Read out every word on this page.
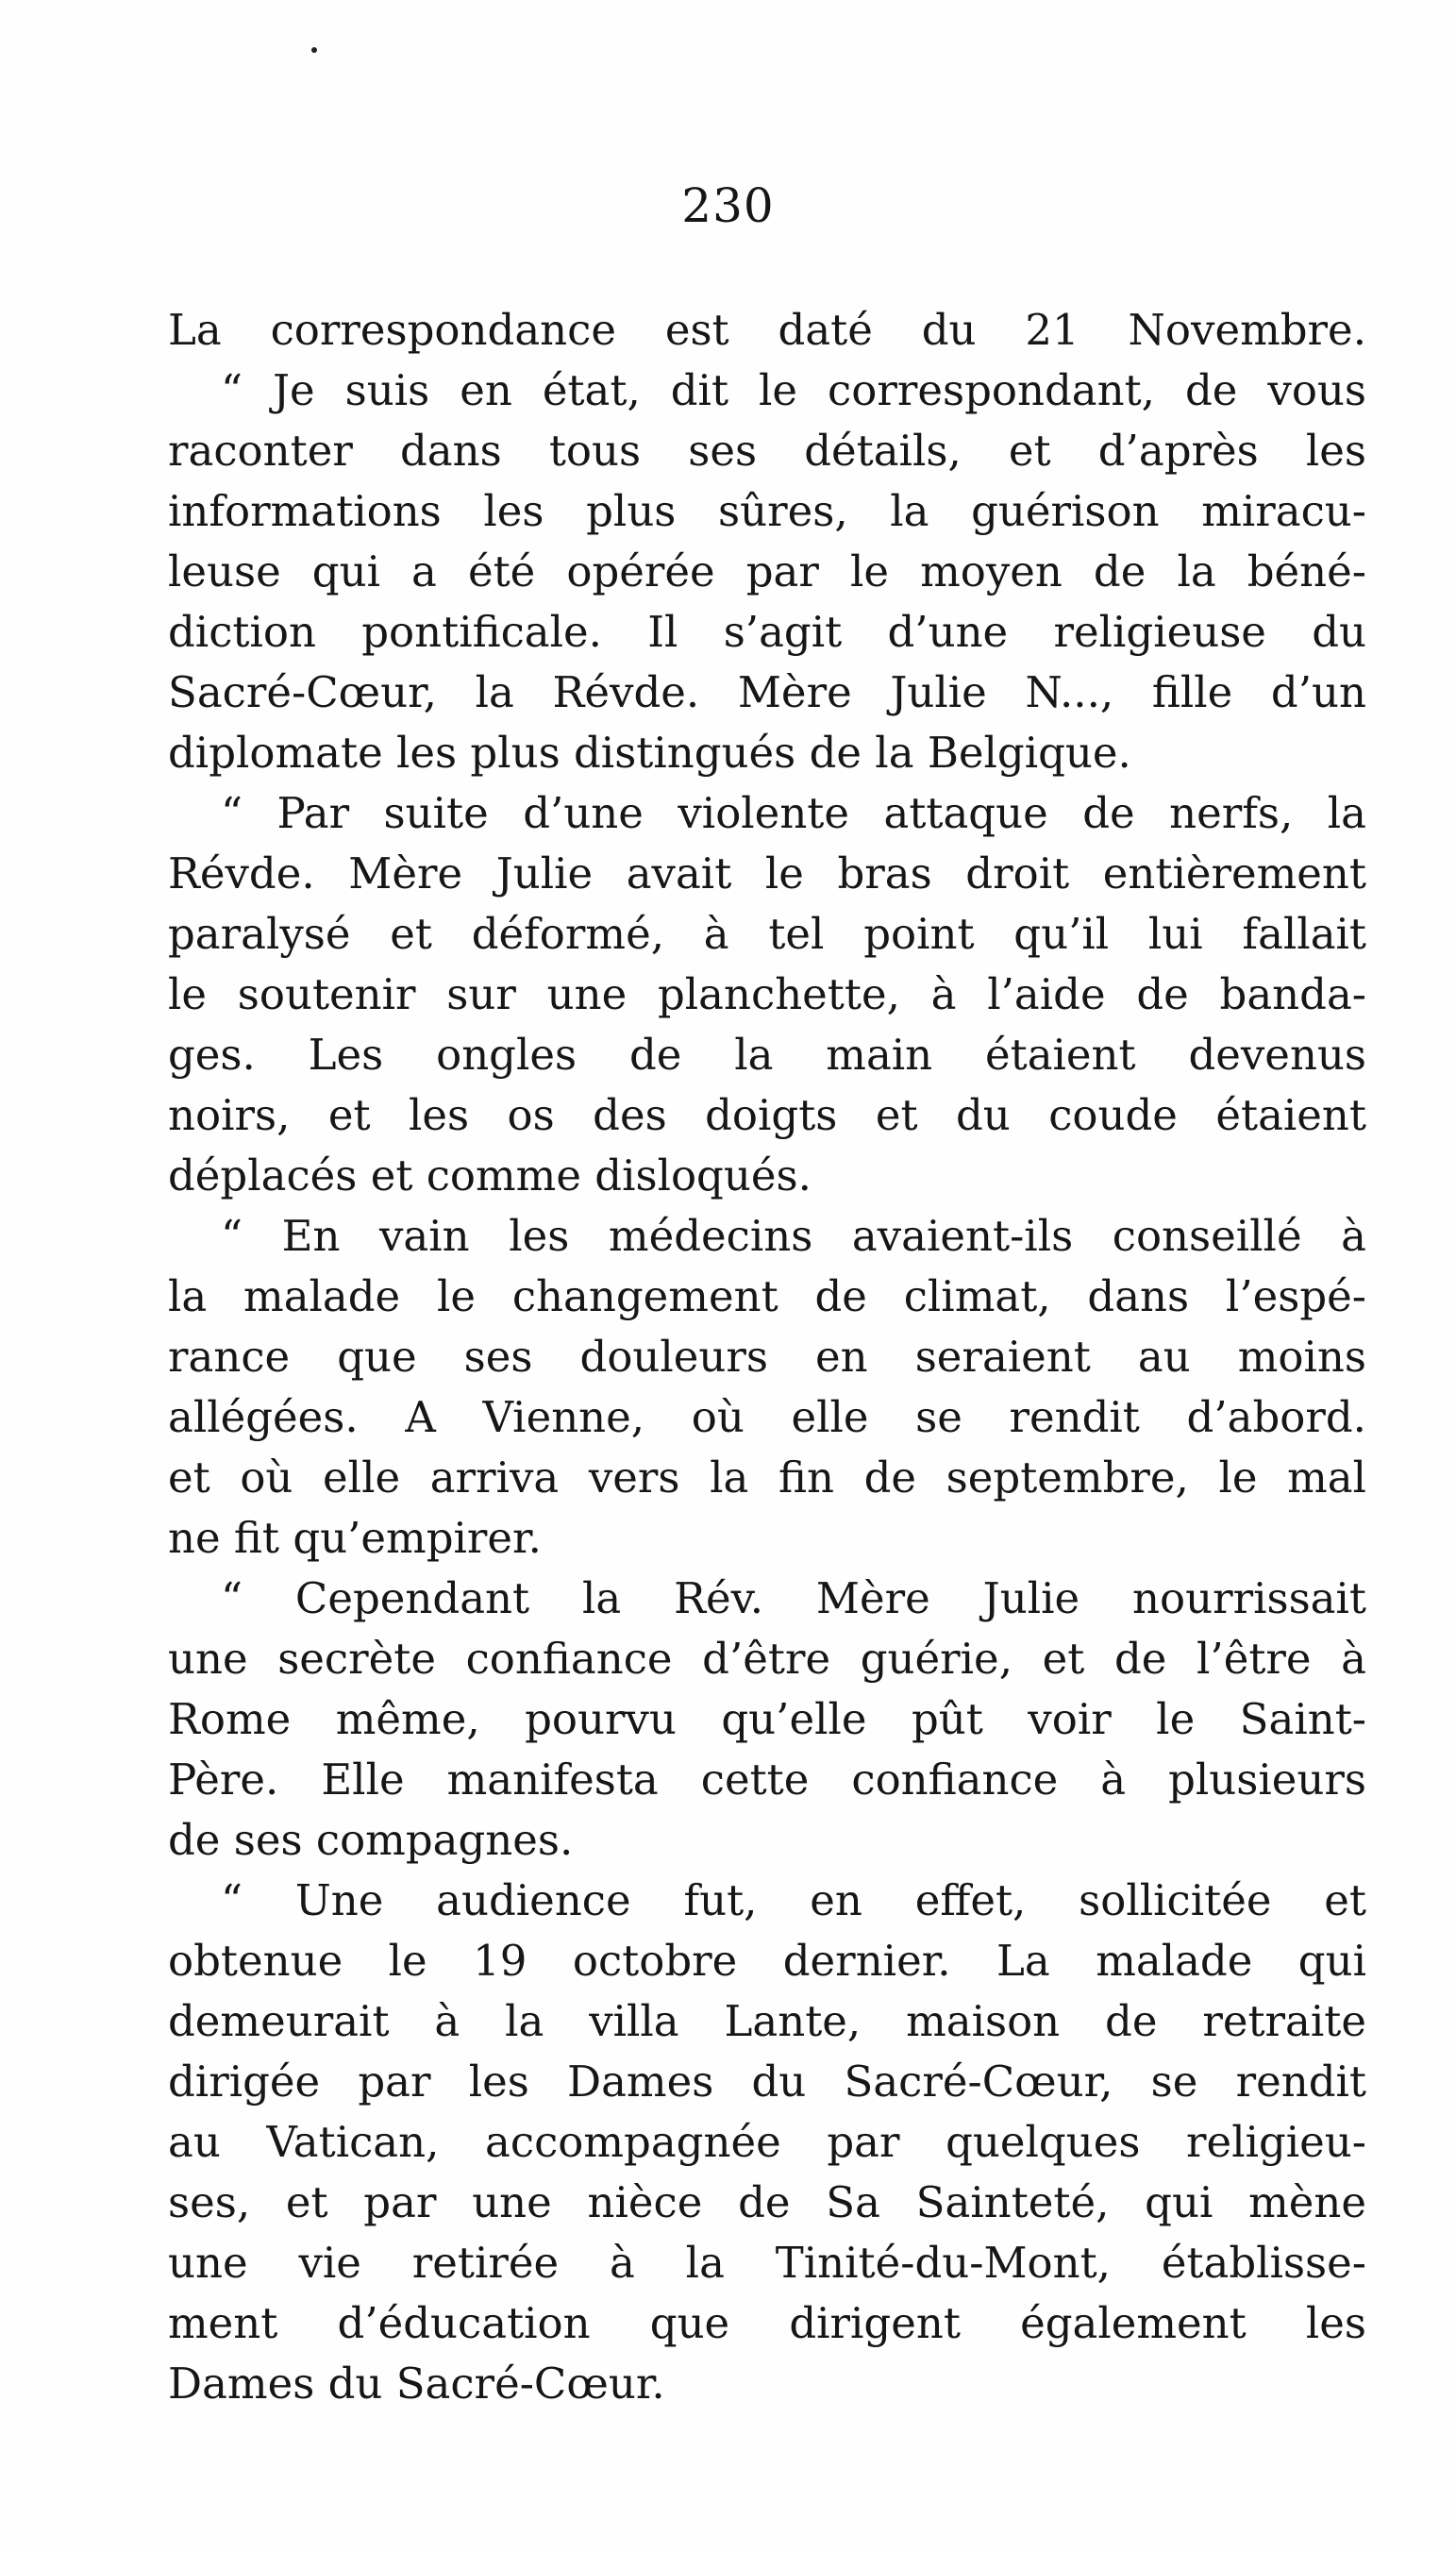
230
La correspondance est daté du 21 Novembre.
“ Je suis en état, dit le correspondant, de vous
raconter dans tous ses détails, et d’après les
informations les plus sûres, la guérison miracu-
leuse qui a été opérée par le moyen de la béné-
diction pontificale. Il s’agit d’une religieuse du
Sacré-Cœur, la Révde. Mère Julie N..., fille d’un
diplomate les plus distingués de la Belgique.
“ Par suite d’une violente attaque de nerfs, la
Révde. Mère Julie avait le bras droit entièrement
paralysé et déformé, à tel point qu’il lui fallait
le soutenir sur une planchette, à l’aide de banda-
ges. Les ongles de la main étaient devenus
noirs, et les os des doigts et du coude étaient
déplacés et comme disloqués.
“ En vain les médecins avaient-ils conseillé à
la malade le changement de climat, dans l’espé-
rance que ses douleurs en seraient au moins
allégées. A Vienne, où elle se rendit d’abord.
et où elle arriva vers la fin de septembre, le mal
ne fit qu’empirer.
“ Cependant la Rév. Mère Julie nourrissait
une secrète confiance d’être guérie, et de l’être à
Rome même, pourvu qu’elle pût voir le Saint-
Père. Elle manifesta cette confiance à plusieurs
de ses compagnes.
“ Une audience fut, en effet, sollicitée et
obtenue le 19 octobre dernier. La malade qui
demeurait à la villa Lante, maison de retraite
dirigée par les Dames du Sacré-Cœur, se rendit
au Vatican, accompagnée par quelques religieu-
ses, et par une nièce de Sa Sainteté, qui mène
une vie retirée à la Tinité-du-Mont, établisse-
ment d’éducation que dirigent également les
Dames du Sacré-Cœur.
